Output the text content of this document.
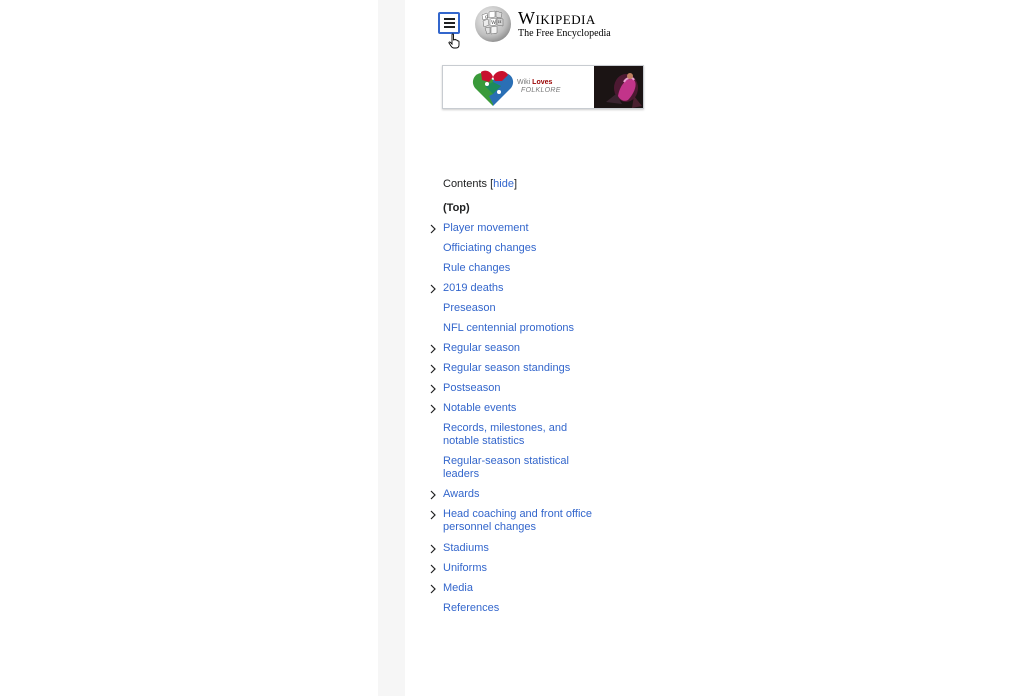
Ω
W И Wikipedia
The Free Encyclopedia
Wiki Loves
FOLKLORE
Contents [hide]
(Top)
Player movement
Officiating changes
Rule changes
2019 deaths
Preseason
NFL centennial promotions
Regular season
Regular season standings
Postseason
Notable events
Records, milestones, and notable statistics
Regular-season statistical leaders
Awards
Head coaching and front office personnel changes
Stadiums
Uniforms
Media
References
